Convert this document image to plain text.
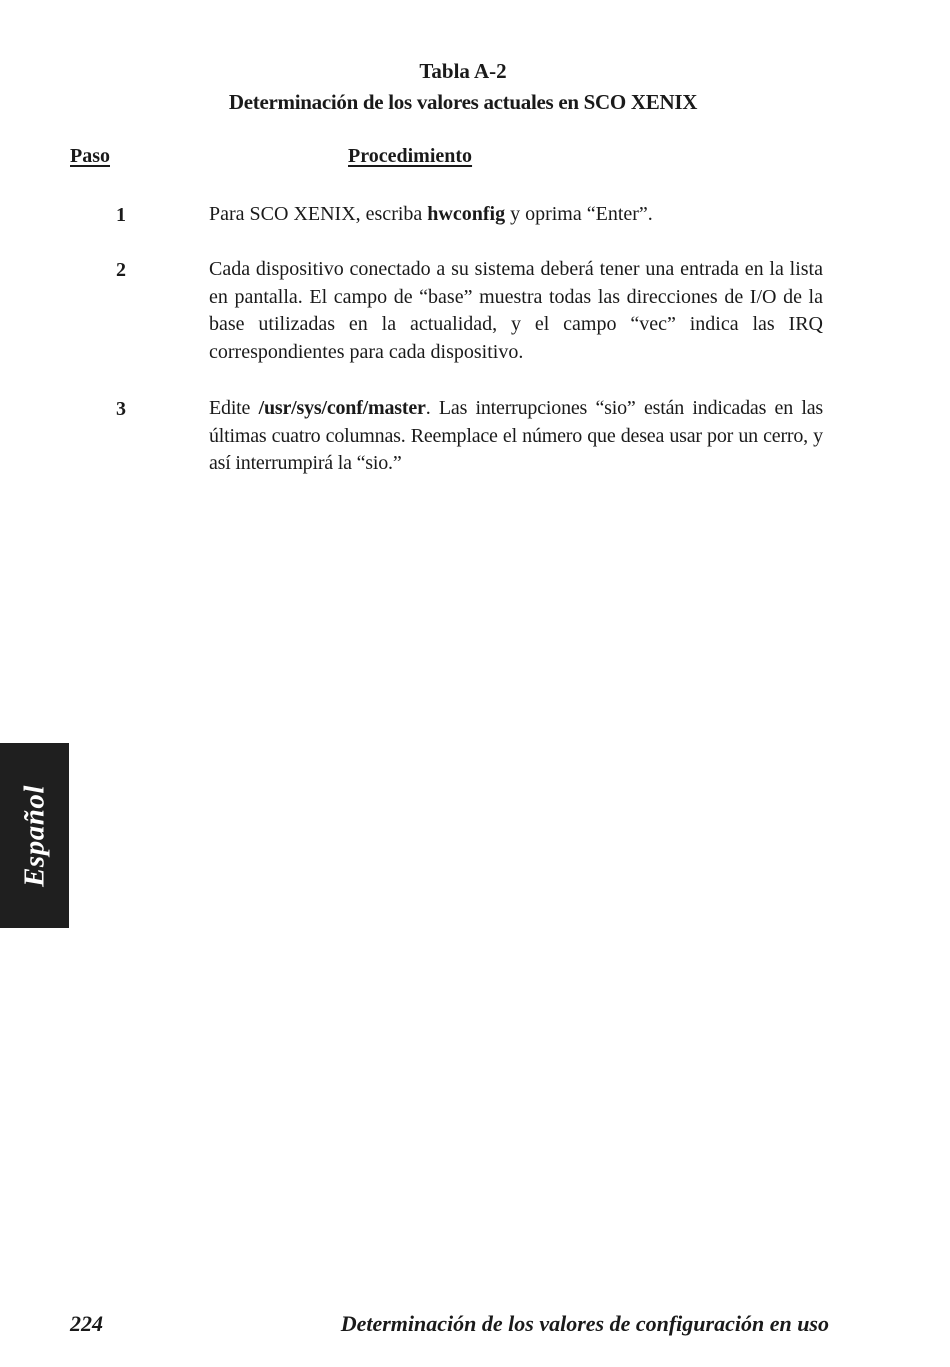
Tabla A-2
Determinación de los valores actuales en SCO XENIX
Paso	Procedimiento
1	Para SCO XENIX, escriba hwconfig y oprima “Enter”.
2	Cada dispositivo conectado a su sistema deberá tener una entrada en la lista en pantalla. El campo de “base” muestra todas las direcciones de I/O de la base utilizadas en la actualidad, y el campo “vec” indica las IRQ correspondientes para cada dispositivo.
3	Edite /usr/sys/conf/master. Las interrupciones “sio” están indicadas en las últimas cuatro columnas. Reemplace el número que desea usar por un cerro, y así interrumpirá la “sio.”
Español
224	Determinación de los valores de configuración en uso
